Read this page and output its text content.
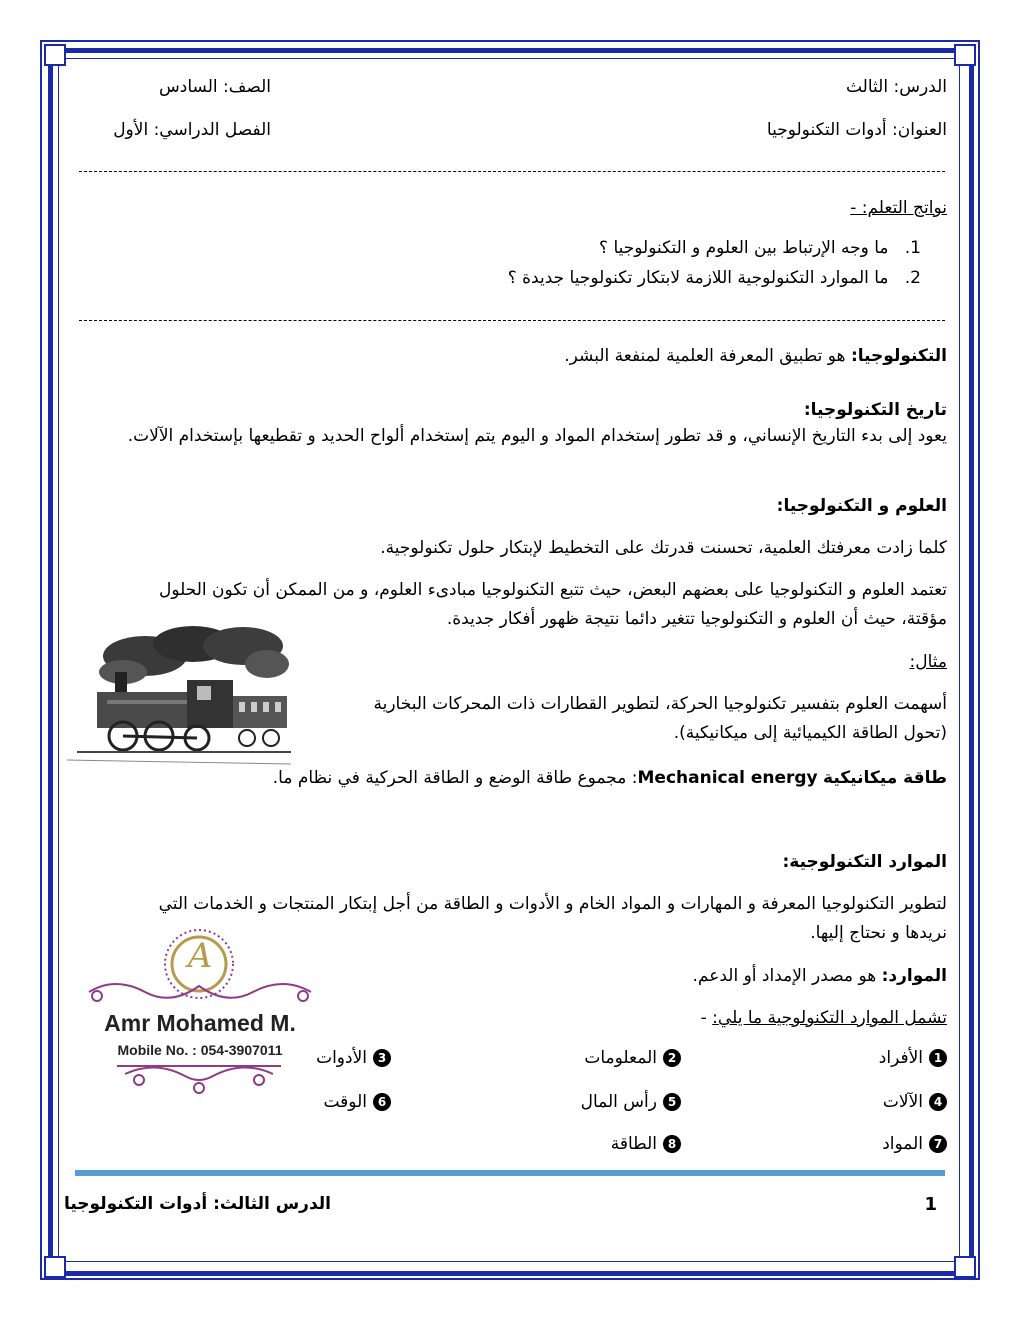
الدرس: الثالث
الصف: السادس
العنوان: أدوات التكنولوجيا
الفصل الدراسي: الأول
نواتج التعلم: -
1.   ما وجه الإرتباط بين العلوم و التكنولوجيا ؟
2.   ما الموارد التكنولوجية اللازمة لابتكار تكنولوجيا جديدة ؟
التكنولوجيا: هو تطبيق المعرفة العلمية لمنفعة البشر.
تاريخ التكنولوجيا:
يعود إلى بدء التاريخ الإنساني، و قد تطور إستخدام المواد و اليوم يتم إستخدام ألواح الحديد و تقطيعها بإستخدام الآلات.
العلوم و التكنولوجيا:
كلما زادت معرفتك العلمية، تحسنت قدرتك على التخطيط لإبتكار حلول تكنولوجية.
تعتمد العلوم و التكنولوجيا على بعضهم البعض، حيث تتبع التكنولوجيا مبادىء العلوم، و من الممكن أن تكون الحلول
مؤقتة، حيث أن العلوم و التكنولوجيا تتغير دائما نتيجة ظهور أفكار جديدة.
مثال:
أسهمت العلوم بتفسير تكنولوجيا الحركة، لتطوير القطارات ذات المحركات البخارية
(تحول الطاقة الكيميائية إلى ميكانيكية).
طاقة ميكانيكية Mechanical energy: مجموع طاقة الوضع و الطاقة الحركية في نظام ما.
الموارد التكنولوجية:
لتطوير التكنولوجيا المعرفة و المهارات و المواد الخام و الأدوات و الطاقة من أجل إبتكار المنتجات و الخدمات التي
نريدها و نحتاج إليها.
الموارد: هو مصدر الإمداد أو الدعم.
تشمل الموارد التكنولوجية ما يلي: -
1الأفراد
2المعلومات
3الأدوات
4الآلات
5رأس المال
6الوقت
7المواد
8الطاقة
A
Amr Mohamed M.
Mobile No. : 054-3907011
1
الدرس الثالث: أدوات التكنولوجيا
